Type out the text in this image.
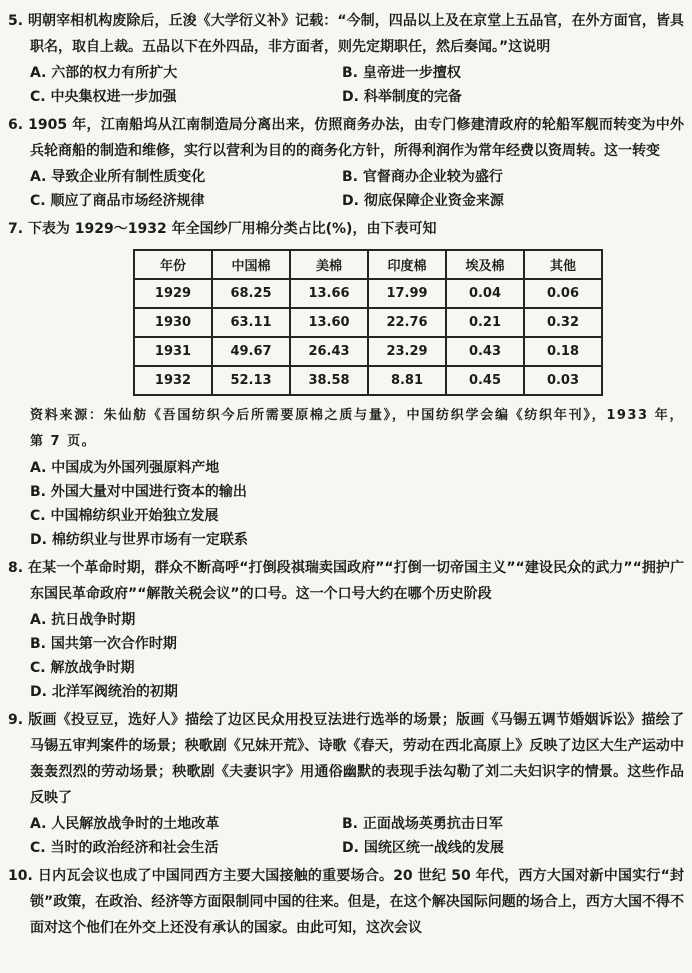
5. 明朝宰相机构废除后，丘浚《大学衍义补》记载：“今制，四品以上及在京堂上五品官，在外方面官，皆具职名，取自上裁。五品以下在外四品，非方面者，则先定期职任，然后奏闻。”这说明

A. 六部的权力有所扩大	B. 皇帝进一步擅权

C. 中央集权进一步加强	D. 科举制度的完备

6. 1905 年，江南船坞从江南制造局分离出来，仿照商务办法，由专门修建清政府的轮船军舰而转变为中外兵轮商船的制造和维修，实行以营利为目的的商务化方针，所得利润作为常年经费以资周转。这一转变

A. 导致企业所有制性质变化	B. 官督商办企业较为盛行

C. 顺应了商品市场经济规律	D. 彻底保障企业资金来源

7. 下表为 1929～1932 年全国纱厂用棉分类占比(%)，由下表可知

年份	中国棉	美棉	印度棉	埃及棉	其他
1929	68.25	13.66	17.99	0.04	0.06
1930	63.11	13.60	22.76	0.21	0.32
1931	49.67	26.43	23.29	0.43	0.18
1932	52.13	38.58	8.81	0.45	0.03

资料来源：朱仙舫《吾国纺织今后所需要原棉之质与量》，中国纺织学会编《纺织年刊》，1933 年，第 7 页。

A. 中国成为外国列强原料产地

B. 外国大量对中国进行资本的输出

C. 中国棉纺织业开始独立发展

D. 棉纺织业与世界市场有一定联系

8. 在某一个革命时期，群众不断高呼“打倒段祺瑞卖国政府”“打倒一切帝国主义”“建设民众的武力”“拥护广东国民革命政府”“解散关税会议”的口号。这一个口号大约在哪个历史阶段

A. 抗日战争时期

B. 国共第一次合作时期

C. 解放战争时期

D. 北洋军阀统治的初期

9. 版画《投豆豆，选好人》描绘了边区民众用投豆法进行选举的场景；版画《马锡五调节婚姻诉讼》描绘了马锡五审判案件的场景；秧歌剧《兄妹开荒》、诗歌《春天，劳动在西北高原上》反映了边区大生产运动中轰轰烈烈的劳动场景；秧歌剧《夫妻识字》用通俗幽默的表现手法勾勒了刘二夫妇识字的情景。这些作品反映了

A. 人民解放战争时的土地改革	B. 正面战场英勇抗击日军

C. 当时的政治经济和社会生活	D. 国统区统一战线的发展

10. 日内瓦会议也成了中国同西方主要大国接触的重要场合。20 世纪 50 年代，西方大国对新中国实行“封锁”政策，在政治、经济等方面限制同中国的往来。但是，在这个解决国际问题的场合上，西方大国不得不面对这个他们在外交上还没有承认的国家。由此可知，这次会议
